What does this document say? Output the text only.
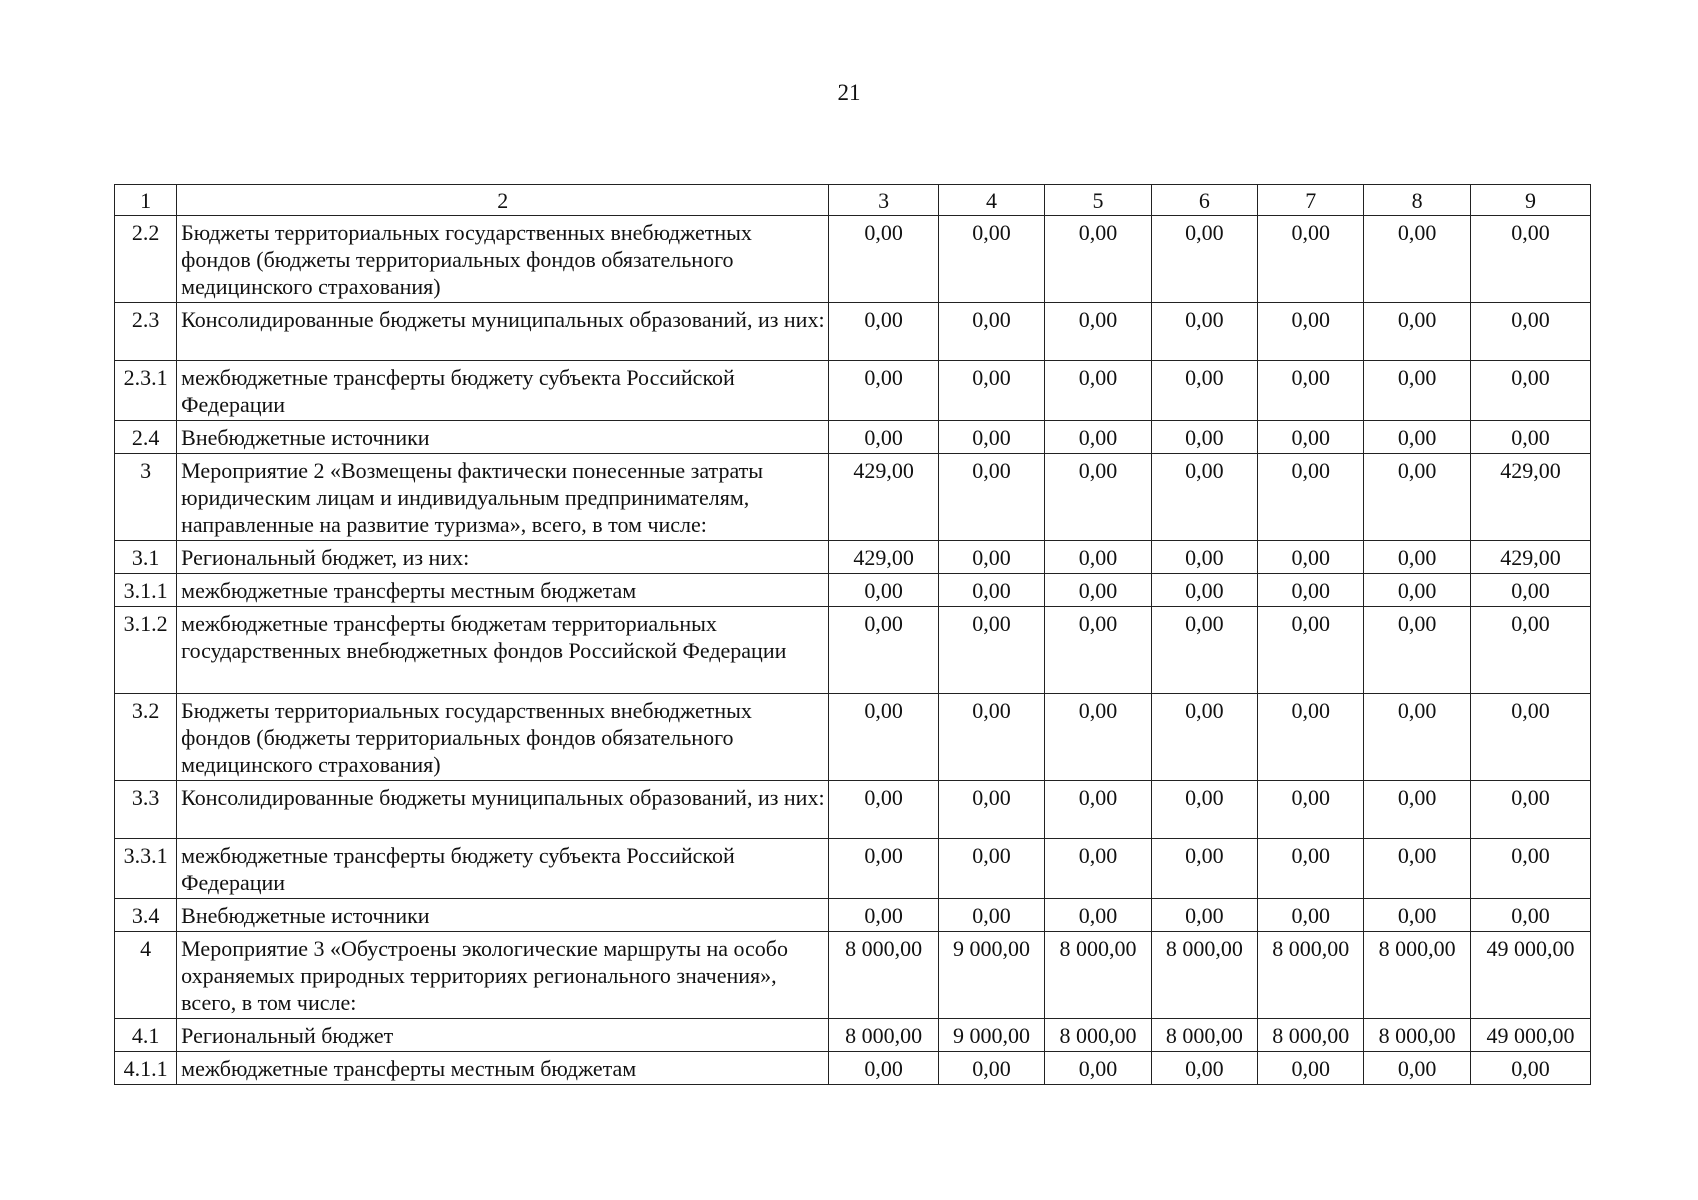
21
1	2	3	4	5	6	7	8	9
2.2	Бюджеты территориальных государственных внебюджетных фондов (бюджеты территориальных фондов обязательного медицинского страхования)	0,00	0,00	0,00	0,00	0,00	0,00	0,00
2.3	Консолидированные бюджеты муниципальных образований, из них:	0,00	0,00	0,00	0,00	0,00	0,00	0,00
2.3.1	межбюджетные трансферты бюджету субъекта Российской Федерации	0,00	0,00	0,00	0,00	0,00	0,00	0,00
2.4	Внебюджетные источники	0,00	0,00	0,00	0,00	0,00	0,00	0,00
3	Мероприятие 2 «Возмещены фактически понесенные затраты юридическим лицам и индивидуальным предпринимателям, направленные на развитие туризма», всего, в том числе:	429,00	0,00	0,00	0,00	0,00	0,00	429,00
3.1	Региональный бюджет, из них:	429,00	0,00	0,00	0,00	0,00	0,00	429,00
3.1.1	межбюджетные трансферты местным бюджетам	0,00	0,00	0,00	0,00	0,00	0,00	0,00
3.1.2	межбюджетные трансферты бюджетам территориальных государственных внебюджетных фондов Российской Федерации	0,00	0,00	0,00	0,00	0,00	0,00	0,00
3.2	Бюджеты территориальных государственных внебюджетных фондов (бюджеты территориальных фондов обязательного медицинского страхования)	0,00	0,00	0,00	0,00	0,00	0,00	0,00
3.3	Консолидированные бюджеты муниципальных образований, из них:	0,00	0,00	0,00	0,00	0,00	0,00	0,00
3.3.1	межбюджетные трансферты бюджету субъекта Российской Федерации	0,00	0,00	0,00	0,00	0,00	0,00	0,00
3.4	Внебюджетные источники	0,00	0,00	0,00	0,00	0,00	0,00	0,00
4	Мероприятие 3 «Обустроены экологические маршруты на особо охраняемых природных территориях регионального значения», всего, в том числе:	8 000,00	9 000,00	8 000,00	8 000,00	8 000,00	8 000,00	49 000,00
4.1	Региональный бюджет	8 000,00	9 000,00	8 000,00	8 000,00	8 000,00	8 000,00	49 000,00
4.1.1	межбюджетные трансферты местным бюджетам	0,00	0,00	0,00	0,00	0,00	0,00	0,00
